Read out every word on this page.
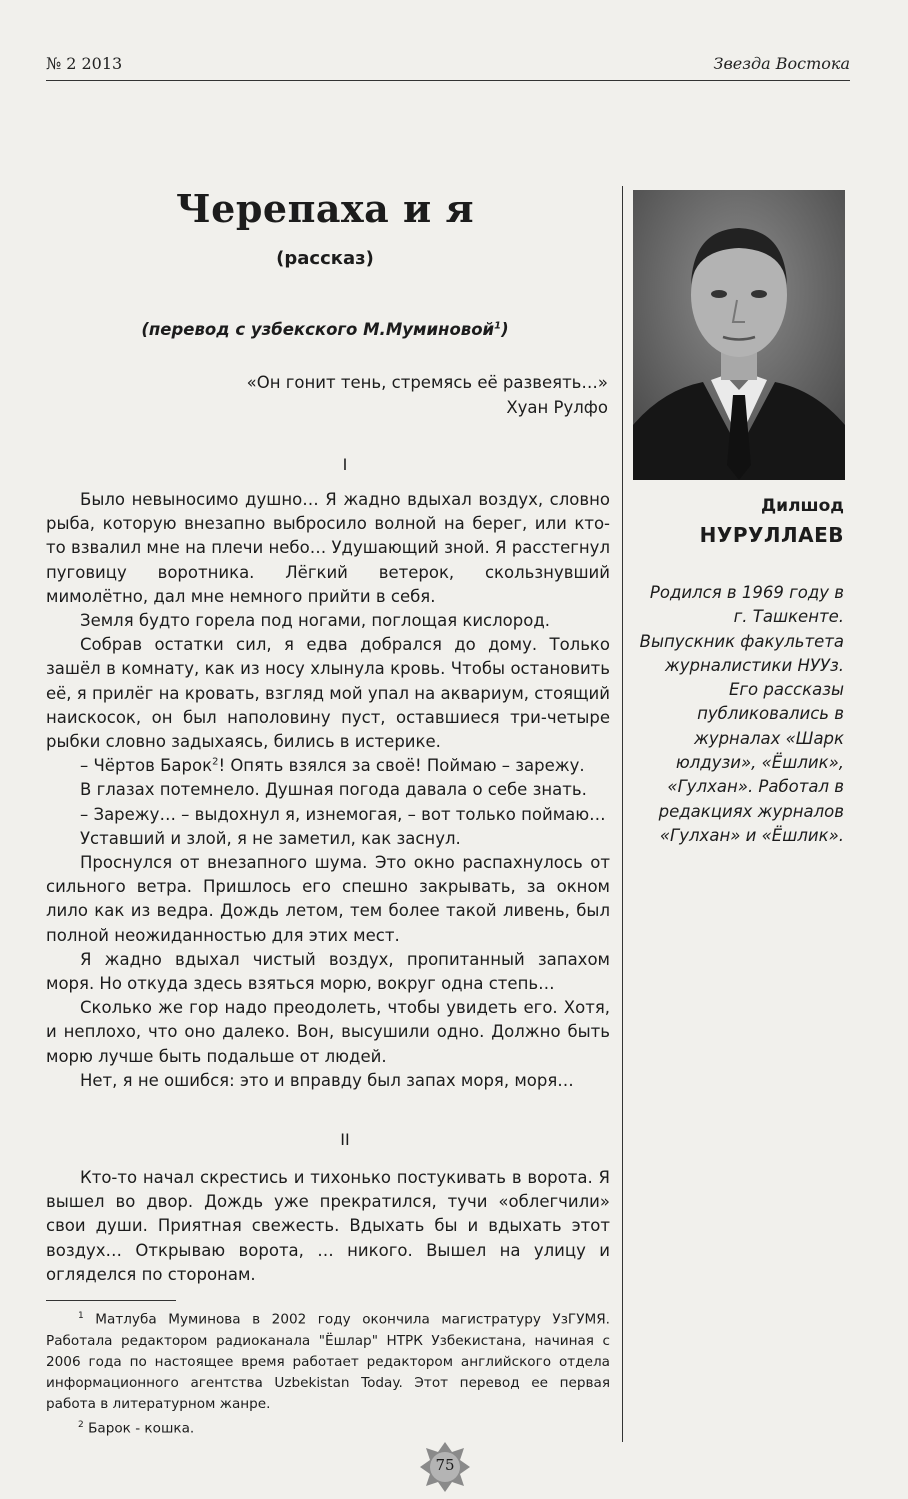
№ 2 2013	Звезда Востока
Черепаха и я
(рассказ)
(перевод с узбекского М.Муминовой$^1$)
«Он гонит тень, стремясь её развеять…»
Хуан Рулфо
I

Было невыносимо душно… Я жадно вдыхал воздух, словно рыба, которую внезапно выбросило волной на берег, или кто-то взвалил мне на плечи небо… Удушающий зной. Я расстегнул пуговицу воротника. Лёгкий ветерок, скользнувший мимолётно, дал мне немного прийти в себя.

Земля будто горела под ногами, поглощая кислород.

Собрав остатки сил, я едва добрался до дому. Только зашёл в комнату, как из носу хлынула кровь. Чтобы остановить её, я прилёг на кровать, взгляд мой упал на аквариум, стоящий наискосок, он был наполовину пуст, оставшиеся три-четыре рыбки словно задыхаясь, бились в истерике.

– Чёртов Барок$^2$! Опять взялся за своё! Поймаю – зарежу.

В глазах потемнело. Душная погода давала о себе знать.

– Зарежу… – выдохнул я, изнемогая, – вот только поймаю…

Уставший и злой, я не заметил, как заснул.

Проснулся от внезапного шума. Это окно распахнулось от сильного ветра. Пришлось его спешно закрывать, за окном лило как из ведра. Дождь летом, тем более такой ливень, был полной неожиданностью для этих мест.

Я жадно вдыхал чистый воздух, пропитанный запахом моря. Но откуда здесь взяться морю, вокруг одна степь…

Сколько же гор надо преодолеть, чтобы увидеть его. Хотя, и неплохо, что оно далеко. Вон, высушили одно. Должно быть морю лучше быть подальше от людей.

Нет, я не ошибся: это и вправду был запах моря, моря…

II

Кто-то начал скрестись и тихонько постукивать в ворота. Я вышел во двор. Дождь уже прекратился, тучи «облегчили» свои души. Приятная свежесть. Вдыхать бы и вдыхать этот воздух… Открываю ворота, … никого. Вышел на улицу и огляделся по сторонам.

$^1$ Матлуба Муминова в 2002 году окончила магистратуру УзГУМЯ. Работала редактором радиоканала "Ёшлар" НТРК Узбекистана, начиная с 2006 года по настоящее время работает редактором английского отдела информационного агентства Uzbekistan Today. Этот перевод ее первая работа в литературном жанре.

$^2$ Барок - кошка.

Дилшод
НУРУЛЛАЕВ
Родился в 1969 году в г. Ташкенте. Выпускник факультета журналистики НУУз. Его рассказы публиковались в журналах «Шарк юлдузи», «Ёшлик», «Гулхан». Работал в редакциях журналов «Гулхан» и «Ёшлик».
75
